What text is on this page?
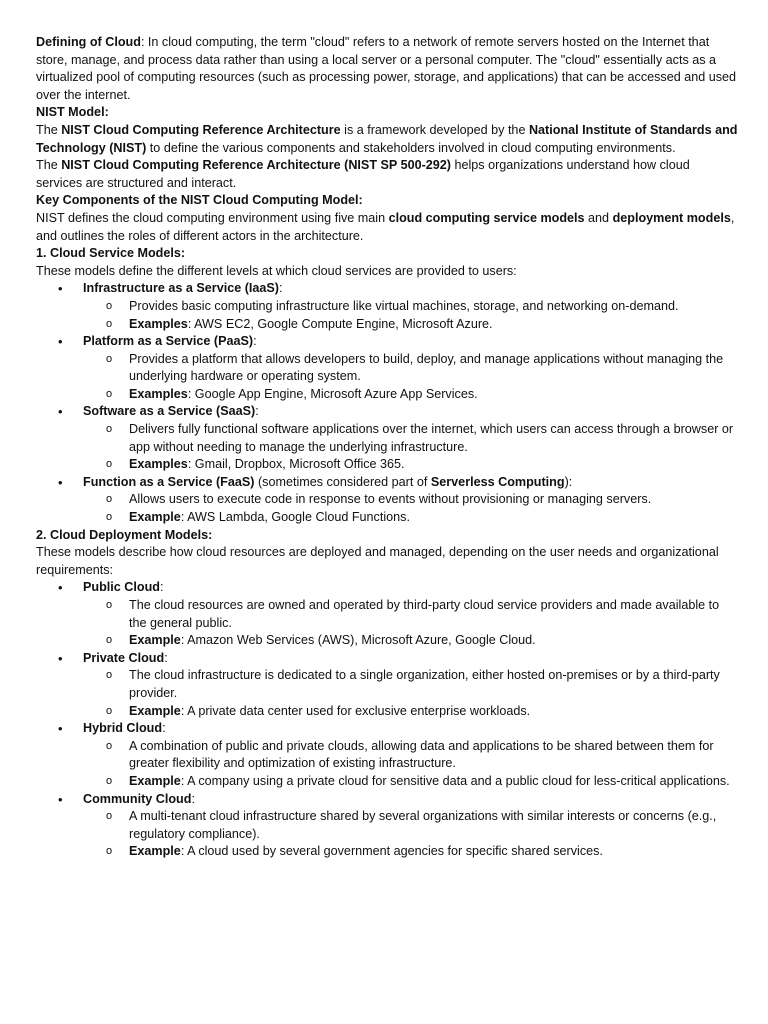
Defining of Cloud: In cloud computing, the term "cloud" refers to a network of remote servers hosted on the Internet that store, manage, and process data rather than using a local server or a personal computer. The "cloud" essentially acts as a virtualized pool of computing resources (such as processing power, storage, and applications) that can be accessed and used over the internet.

NIST Model:

The NIST Cloud Computing Reference Architecture is a framework developed by the National Institute of Standards and Technology (NIST) to define the various components and stakeholders involved in cloud computing environments.

The NIST Cloud Computing Reference Architecture (NIST SP 500-292) helps organizations understand how cloud services are structured and interact.

Key Components of the NIST Cloud Computing Model:

NIST defines the cloud computing environment using five main cloud computing service models and deployment models, and outlines the roles of different actors in the architecture.

1. Cloud Service Models:

These models define the different levels at which cloud services are provided to users:

• Infrastructure as a Service (IaaS):
o Provides basic computing infrastructure like virtual machines, storage, and networking on-demand.
o Examples: AWS EC2, Google Compute Engine, Microsoft Azure.
• Platform as a Service (PaaS):
o Provides a platform that allows developers to build, deploy, and manage applications without managing the underlying hardware or operating system.
o Examples: Google App Engine, Microsoft Azure App Services.
• Software as a Service (SaaS):
o Delivers fully functional software applications over the internet, which users can access through a browser or app without needing to manage the underlying infrastructure.
o Examples: Gmail, Dropbox, Microsoft Office 365.
• Function as a Service (FaaS) (sometimes considered part of Serverless Computing):
o Allows users to execute code in response to events without provisioning or managing servers.
o Example: AWS Lambda, Google Cloud Functions.

2. Cloud Deployment Models:

These models describe how cloud resources are deployed and managed, depending on the user needs and organizational requirements:

• Public Cloud:
o The cloud resources are owned and operated by third-party cloud service providers and made available to the general public.
o Example: Amazon Web Services (AWS), Microsoft Azure, Google Cloud.
• Private Cloud:
o The cloud infrastructure is dedicated to a single organization, either hosted on-premises or by a third-party provider.
o Example: A private data center used for exclusive enterprise workloads.
• Hybrid Cloud:
o A combination of public and private clouds, allowing data and applications to be shared between them for greater flexibility and optimization of existing infrastructure.
o Example: A company using a private cloud for sensitive data and a public cloud for less-critical applications.
• Community Cloud:
o A multi-tenant cloud infrastructure shared by several organizations with similar interests or concerns (e.g., regulatory compliance).
o Example: A cloud used by several government agencies for specific shared services.
